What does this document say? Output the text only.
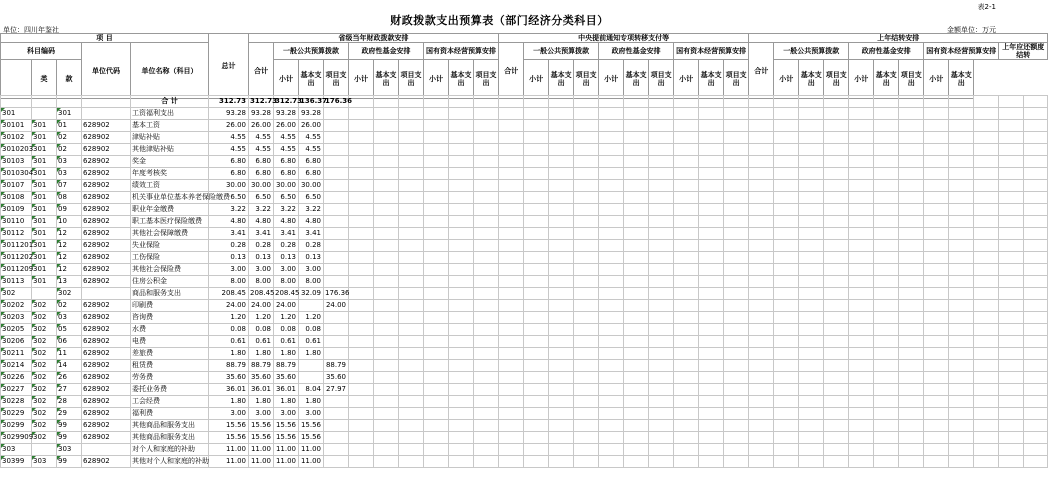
表2-1
财政拨款支出预算表（部门经济分类科目）
单位：四川年鉴社	金额单位：万元
项 目					总计	省级当年财政拨款安排										中央提前通知专项转移支付等										上年结转安排									
科目编码			单位代码	单位名称（科目）		合计	一般公共预算拨款			政府性基金安排			国有资本经营预算安排			合计	一般公共预算拨款			政府性基金安排			国有资本经营预算安排			合计	一般公共预算拨款			政府性基金安排			国有资本经营预算安排		上年应还额度结转
	类	款					小计	基本支出	项目支出	小计	基本支出	项目支出	小计	基本支出	项目支出		小计	基本支出	项目支出	小计	基本支出	项目支出	小计	基本支出	项目支出		小计	基本支出	项目支出	小计	基本支出	项目支出	小计	基本支出	

				合 计	312.73	312.73	312.73	136.37	176.36																												
301		301		工资福利支出	93.28	93.28	93.28	93.28																													
30101	301	01	628902	基本工资	26.00	26.00	26.00	26.00																													
30102	301	02	628902	津贴补贴	4.55	4.55	4.55	4.55																													
3010203	301	02	628902	其他津贴补贴	4.55	4.55	4.55	4.55																													
30103	301	03	628902	奖金	6.80	6.80	6.80	6.80																													
3010304	301	03	628902	年度考核奖	6.80	6.80	6.80	6.80																													
30107	301	07	628902	绩效工资	30.00	30.00	30.00	30.00																													
30108	301	08	628902	机关事业单位基本养老保险缴费	6.50	6.50	6.50	6.50																													
30109	301	09	628902	职业年金缴费	3.22	3.22	3.22	3.22																													
30110	301	10	628902	职工基本医疗保险缴费	4.80	4.80	4.80	4.80																													
30112	301	12	628902	其他社会保障缴费	3.41	3.41	3.41	3.41																													
3011201	301	12	628902	失业保险	0.28	0.28	0.28	0.28																													
3011202	301	12	628902	工伤保险	0.13	0.13	0.13	0.13																													
3011209	301	12	628902	其他社会保险费	3.00	3.00	3.00	3.00																													
30113	301	13	628902	住房公积金	8.00	8.00	8.00	8.00																													
302		302		商品和服务支出	208.45	208.45	208.45	32.09	176.36																												
30202	302	02	628902	印刷费	24.00	24.00	24.00		24.00																												
30203	302	03	628902	咨询费	1.20	1.20	1.20	1.20																													
30205	302	05	628902	水费	0.08	0.08	0.08	0.08																													
30206	302	06	628902	电费	0.61	0.61	0.61	0.61																													
30211	302	11	628902	差旅费	1.80	1.80	1.80	1.80																													
30214	302	14	628902	租赁费	88.79	88.79	88.79		88.79																												
30226	302	26	628902	劳务费	35.60	35.60	35.60		35.60																												
30227	302	27	628902	委托业务费	36.01	36.01	36.01	8.04	27.97																												
30228	302	28	628902	工会经费	1.80	1.80	1.80	1.80																													
30229	302	29	628902	福利费	3.00	3.00	3.00	3.00																													
30299	302	99	628902	其他商品和服务支出	15.56	15.56	15.56	15.56																													
3029909	302	99	628902	其他商品和服务支出	15.56	15.56	15.56	15.56																													
303		303		对个人和家庭的补助	11.00	11.00	11.00	11.00																													
30399	303	99	628902	其他对个人和家庭的补助	11.00	11.00	11.00	11.00																													
